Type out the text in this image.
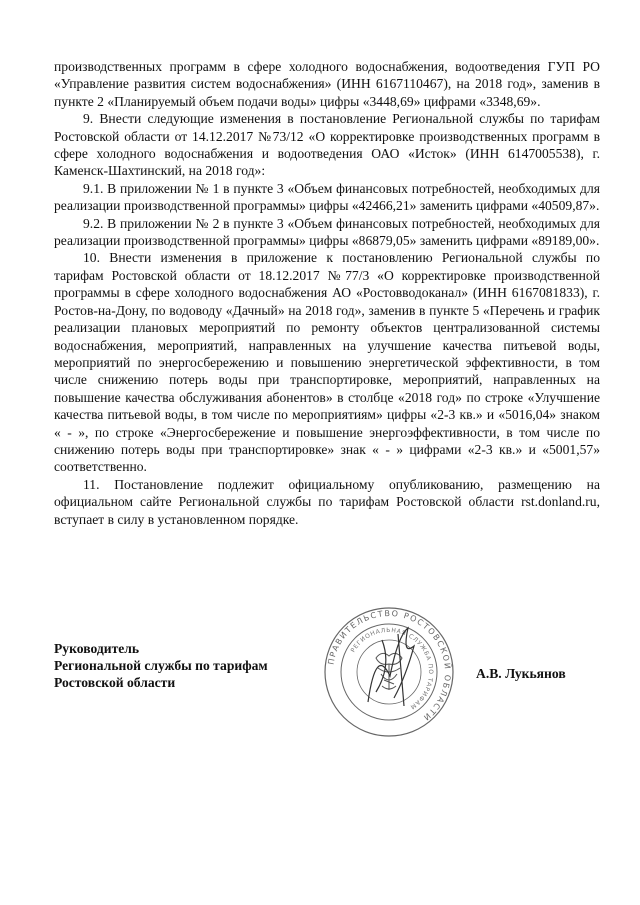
производственных программ в сфере холодного водоснабжения, водоотведения ГУП РО «Управление развития систем водоснабжения» (ИНН 6167110467), на 2018 год», заменив в пункте 2 «Планируемый объем подачи воды» цифры «3448,69» цифрами «3348,69».

9. Внести следующие изменения в постановление Региональной службы по тарифам Ростовской области от 14.12.2017 №73/12 «О корректировке производственных программ в сфере холодного водоснабжения и водоотведения ОАО «Исток» (ИНН 6147005538), г. Каменск-Шахтинский, на 2018 год»:

9.1. В приложении № 1 в пункте 3 «Объем финансовых потребностей, необходимых для реализации производственной программы» цифры «42466,21» заменить цифрами «40509,87».

9.2. В приложении № 2 в пункте 3 «Объем финансовых потребностей, необходимых для реализации производственной программы» цифры «86879,05» заменить цифрами «89189,00».

10. Внести изменения в приложение к постановлению Региональной службы по тарифам Ростовской области от 18.12.2017 №77/3 «О корректировке производственной программы в сфере холодного водоснабжения АО «Ростовводоканал» (ИНН 6167081833), г. Ростов-на-Дону, по водоводу «Дачный» на 2018 год», заменив в пункте 5 «Перечень и график реализации плановых мероприятий по ремонту объектов централизованной системы водоснабжения, мероприятий, направленных на улучшение качества питьевой воды, мероприятий по энергосбережению и повышению энергетической эффективности, в том числе снижению потерь воды при транспортировке, мероприятий, направленных на повышение качества обслуживания абонентов» в столбце «2018 год» по строке «Улучшение качества питьевой воды, в том числе по мероприятиям» цифры «2-3 кв.» и «5016,04» знаком « - », по строке «Энергосбережение и повышение энергоэффективности, в том числе по снижению потерь воды при транспортировке» знак « - » цифрами «2-3 кв.» и «5001,57» соответственно.

11. Постановление подлежит официальному опубликованию, размещению на официальном сайте Региональной службы по тарифам Ростовской области rst.donland.ru, вступает в силу в установленном порядке.

Руководитель
Региональной службы по тарифам
Ростовской области
А.В. Лукьянов
ПРАВИТЕЛЬСТВО РОСТОВСКОЙ ОБЛАСТИ
РЕГИОНАЛЬНАЯ СЛУЖБА ПО ТАРИФАМ
